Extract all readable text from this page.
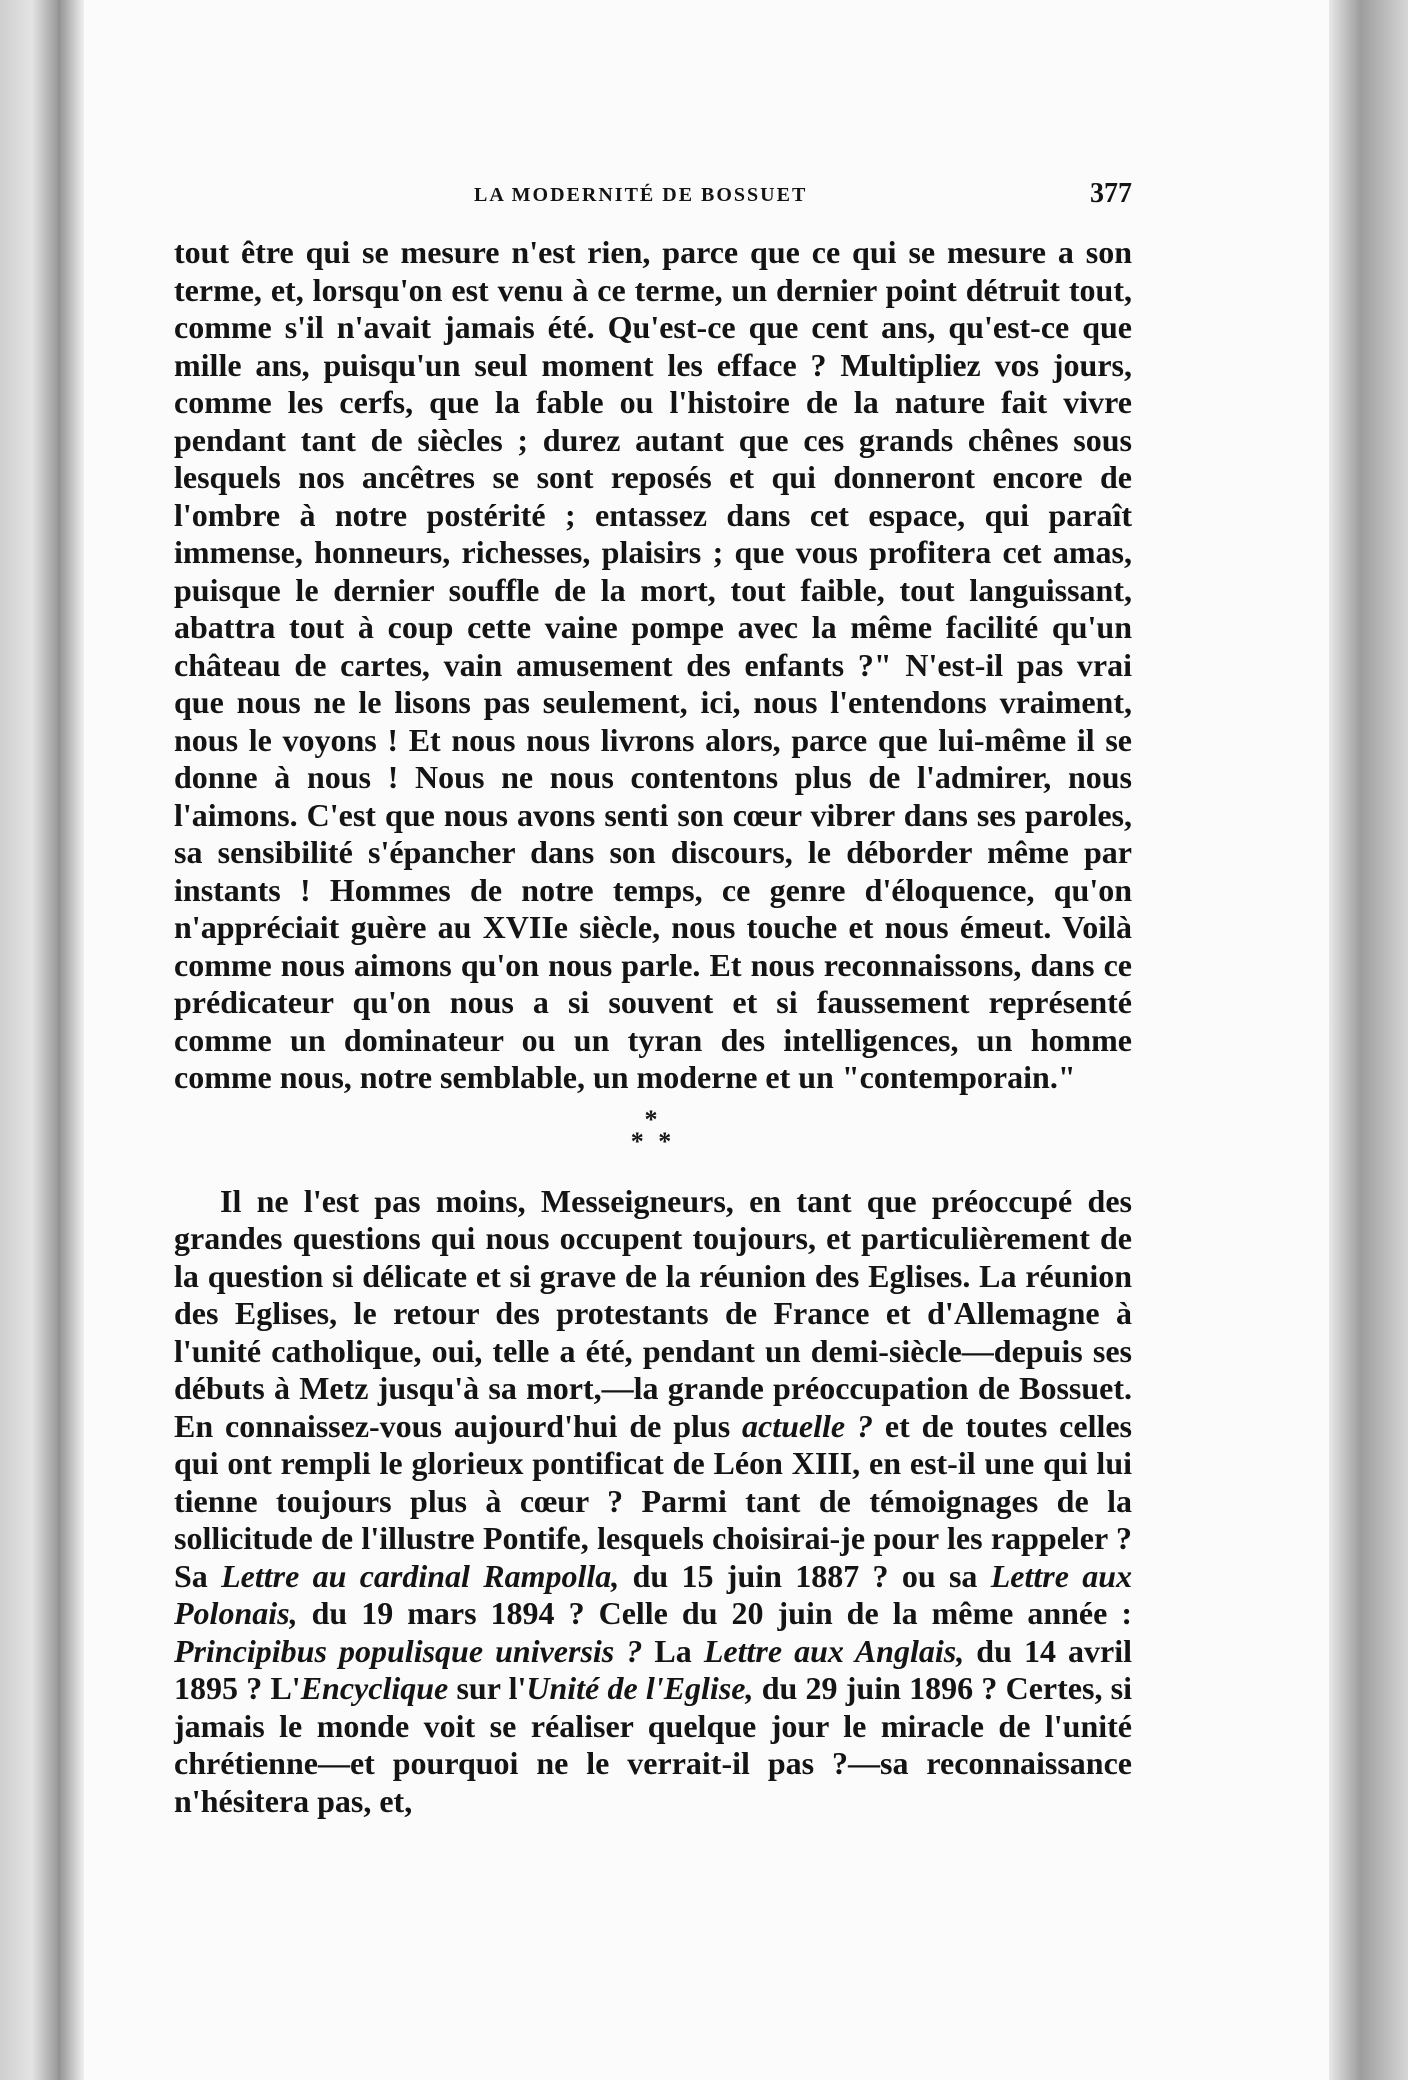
LA MODERNITÉ DE BOSSUET	377

tout être qui se mesure n'est rien, parce que ce qui se mesure a son terme, et, lorsqu'on est venu à ce terme, un dernier point détruit tout, comme s'il n'avait jamais été. Qu'est-ce que cent ans, qu'est-ce que mille ans, puisqu'un seul moment les efface ? Multipliez vos jours, comme les cerfs, que la fable ou l'histoire de la nature fait vivre pendant tant de siècles ; durez autant que ces grands chênes sous lesquels nos ancêtres se sont reposés et qui donneront encore de l'ombre à notre postérité ; entassez dans cet espace, qui paraît immense, honneurs, richesses, plaisirs ; que vous profitera cet amas, puisque le dernier souffle de la mort, tout faible, tout languissant, abattra tout à coup cette vaine pompe avec la même facilité qu'un château de cartes, vain amusement des enfants ?" N'est-il pas vrai que nous ne le lisons pas seulement, ici, nous l'entendons vraiment, nous le voyons ! Et nous nous livrons alors, parce que lui-même il se donne à nous ! Nous ne nous contentons plus de l'admirer, nous l'aimons. C'est que nous avons senti son cœur vibrer dans ses paroles, sa sensibilité s'épancher dans son discours, le déborder même par instants ! Hommes de notre temps, ce genre d'éloquence, qu'on n'appréciait guère au XVIIe siècle, nous touche et nous émeut. Voilà comme nous aimons qu'on nous parle. Et nous reconnaissons, dans ce prédicateur qu'on nous a si souvent et si faussement représenté comme un dominateur ou un tyran des intelligences, un homme comme nous, notre semblable, un moderne et un "contemporain."

*
* *

Il ne l'est pas moins, Messeigneurs, en tant que préoccupé des grandes questions qui nous occupent toujours, et particulièrement de la question si délicate et si grave de la réunion des Eglises. La réunion des Eglises, le retour des protestants de France et d'Allemagne à l'unité catholique, oui, telle a été, pendant un demi-siècle—depuis ses débuts à Metz jusqu'à sa mort,—la grande préoccupation de Bossuet. En connaissez-vous aujourd'hui de plus actuelle ? et de toutes celles qui ont rempli le glorieux pontificat de Léon XIII, en est-il une qui lui tienne toujours plus à cœur ? Parmi tant de témoignages de la sollicitude de l'illustre Pontife, lesquels choisirai-je pour les rappeler ? Sa Lettre au cardinal Rampolla, du 15 juin 1887 ? ou sa Lettre aux Polonais, du 19 mars 1894 ? Celle du 20 juin de la même année : Principibus populisque universis ? La Lettre aux Anglais, du 14 avril 1895 ? L'Encyclique sur l'Unité de l'Eglise, du 29 juin 1896 ? Certes, si jamais le monde voit se réaliser quelque jour le miracle de l'unité chrétienne—et pourquoi ne le verrait-il pas ?—sa reconnaissance n'hésitera pas, et,
